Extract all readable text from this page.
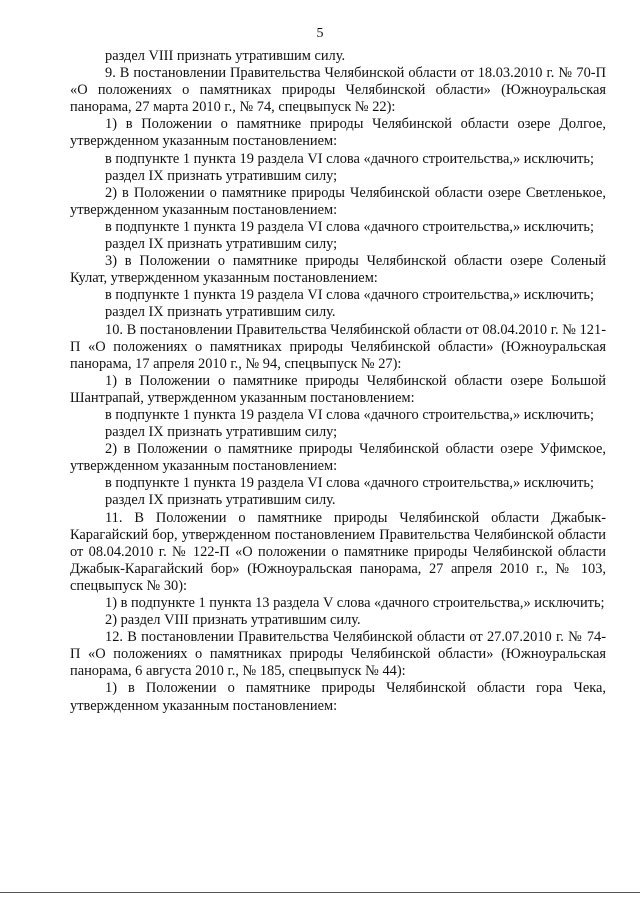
5

раздел VIII признать утратившим силу.

9. В постановлении Правительства Челябинской области от 18.03.2010 г. № 70-П «О положениях о памятниках природы Челябинской области» (Южноуральская панорама, 27 марта 2010 г., № 74, спецвыпуск № 22):

1) в Положении о памятнике природы Челябинской области озере Долгое, утвержденном указанным постановлением:

в подпункте 1 пункта 19 раздела VI слова «дачного строительства,» исключить;

раздел IX признать утратившим силу;

2) в Положении о памятнике природы Челябинской области озере Светленькое, утвержденном указанным постановлением:

в подпункте 1 пункта 19 раздела VI слова «дачного строительства,» исключить;

раздел IX признать утратившим силу;

3) в Положении о памятнике природы Челябинской области озере Соленый Кулат, утвержденном указанным постановлением:

в подпункте 1 пункта 19 раздела VI слова «дачного строительства,» исключить;

раздел IX признать утратившим силу.

10. В постановлении Правительства Челябинской области от 08.04.2010 г. № 121-П «О положениях о памятниках природы Челябинской области» (Южноуральская панорама, 17 апреля 2010 г., № 94, спецвыпуск № 27):

1) в Положении о памятнике природы Челябинской области озере Большой Шантрапай, утвержденном указанным постановлением:

в подпункте 1 пункта 19 раздела VI слова «дачного строительства,» исключить;

раздел IX признать утратившим силу;

2) в Положении о памятнике природы Челябинской области озере Уфимское, утвержденном указанным постановлением:

в подпункте 1 пункта 19 раздела VI слова «дачного строительства,» исключить;

раздел IX признать утратившим силу.

11. В Положении о памятнике природы Челябинской области Джабык-Карагайский бор, утвержденном постановлением Правительства Челябинской области от 08.04.2010 г. № 122-П «О положении о памятнике природы Челябинской области Джабык-Карагайский бор» (Южноуральская панорама, 27 апреля 2010 г., № 103, спецвыпуск № 30):

1) в подпункте 1 пункта 13 раздела V слова «дачного строительства,» исключить;

2) раздел VIII признать утратившим силу.

12. В постановлении Правительства Челябинской области от 27.07.2010 г. № 74-П «О положениях о памятниках природы Челябинской области» (Южноуральская панорама, 6 августа 2010 г., № 185, спецвыпуск № 44):

1) в Положении о памятнике природы Челябинской области гора Чека, утвержденном указанным постановлением:
